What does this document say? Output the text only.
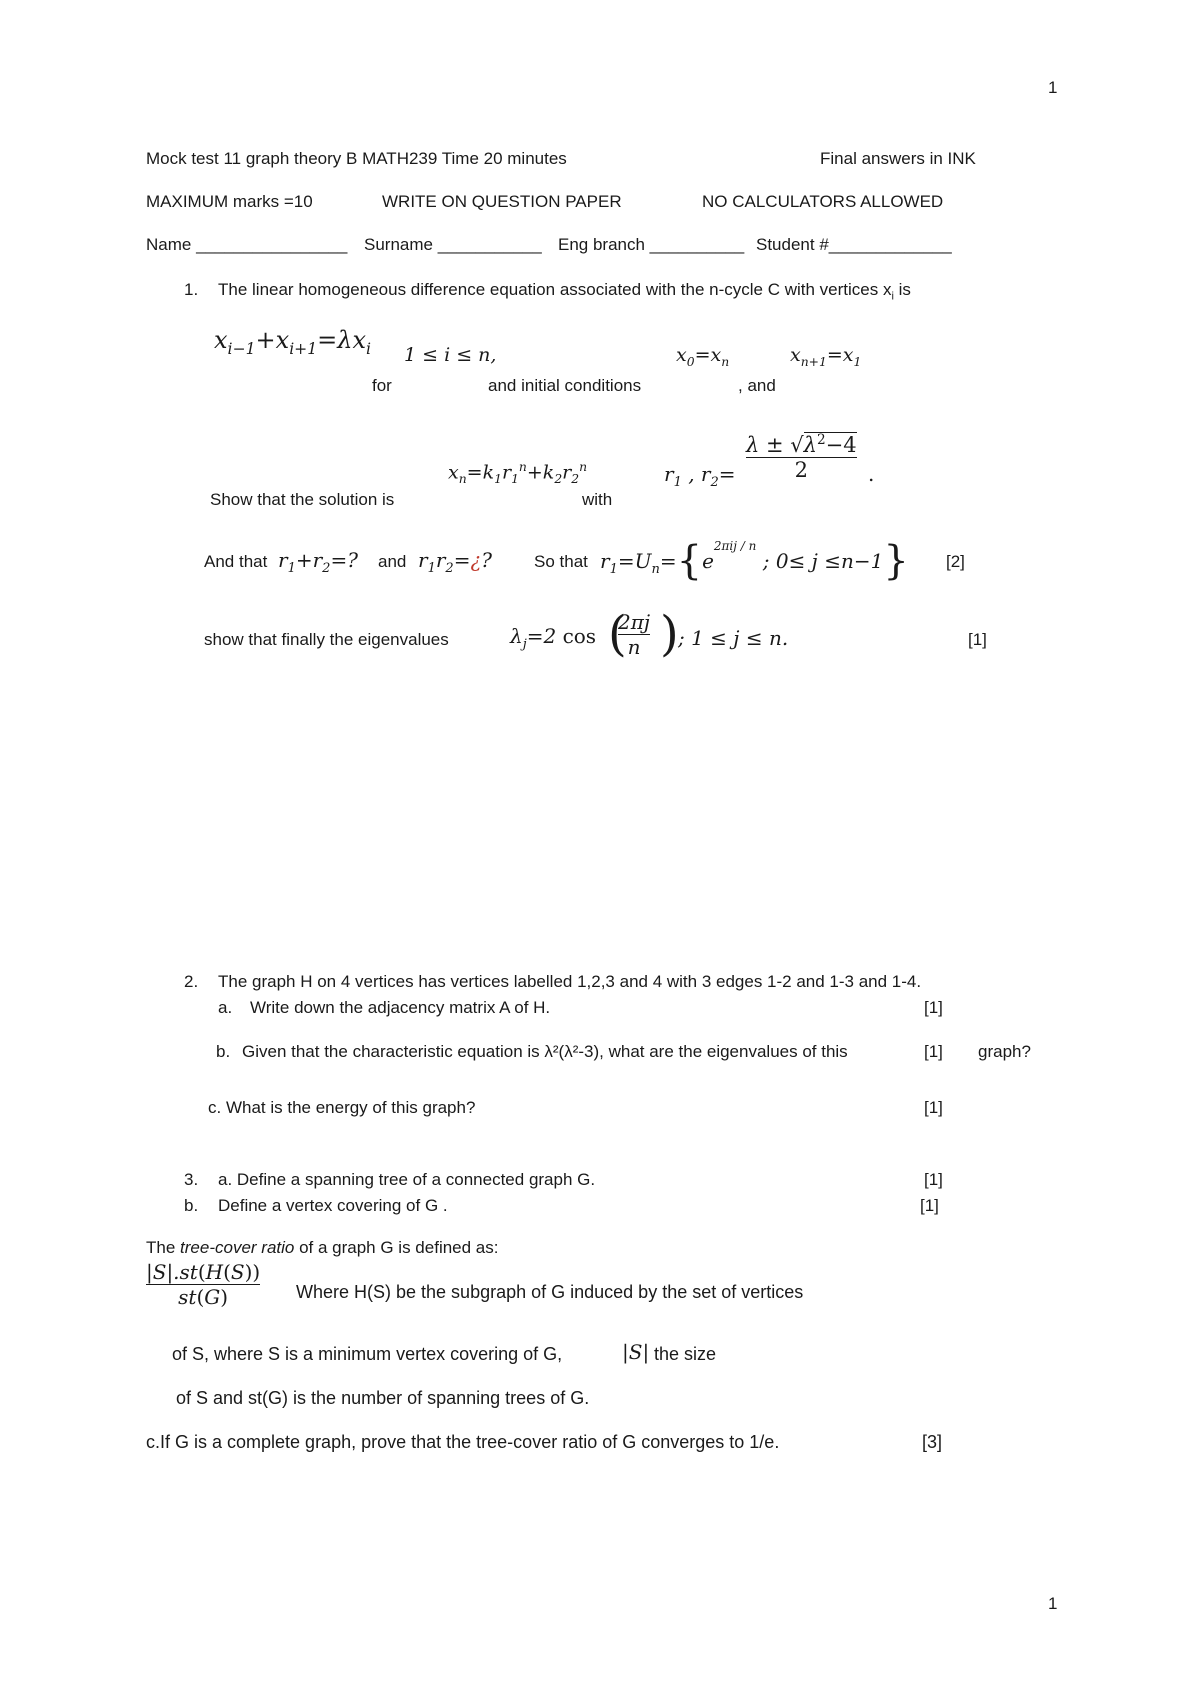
1
1
Mock test 11 graph theory B MATH239 Time 20 minutes	Final answers in INK
MAXIMUM marks =10	WRITE ON QUESTION PAPER	NO CALCULATORS ALLOWED
Name ________________ Surname ___________ Eng branch __________ Student #_____________
1. The linear homogeneous difference equation associated with the n-cycle C with vertices $x_i$ is
$x_{i-1}+x_{i+1}=\lambda x_i$ 1 ≤ i ≤ n,	$x_0=x_n$	$x_{n+1}=x_1$
for	and initial conditions	, and
$x_n=k_1r_1^n+k_2r_2^n$	$r_1$ , $r_2=$
$\lambda \pm √\lambda^2-4$
2	.
Show that the solution is	with
And that $r_1+r_2=$? and $r_1r_2=¿$? So that $r_1=U_n=\{e^{2\pi ij / n}$ ; 0≤ j ≤n−1} [2]
show that finally the eigenvalues	$\lambda_j=2$ cos (
2πj
n ) ; 1 ≤ j ≤ n.	[1]
2. The graph H on 4 vertices has vertices labelled 1,2,3 and 4 with 3 edges 1-2 and 1-3 and 1-4.
a. Write down the adjacency matrix A of H.	[1]
b. Given that the characteristic equation is λ²(λ²-3), what are the eigenvalues of this	[1] graph?
c. What is the energy of this graph?	[1]
3. a. Define a spanning tree of a connected graph G.	[1]
b. Define a vertex covering of G .	[1]
The tree-cover ratio of a graph G is defined as:
|S|.st(H(S))
st(G)	Where H(S) be the subgraph of G induced by the set of vertices
of S, where S is a minimum vertex covering of G,	|S| the size
of S and st(G) is the number of spanning trees of G.
c.If G is a complete graph, prove that the tree-cover ratio of G converges to 1/e.	[3]
